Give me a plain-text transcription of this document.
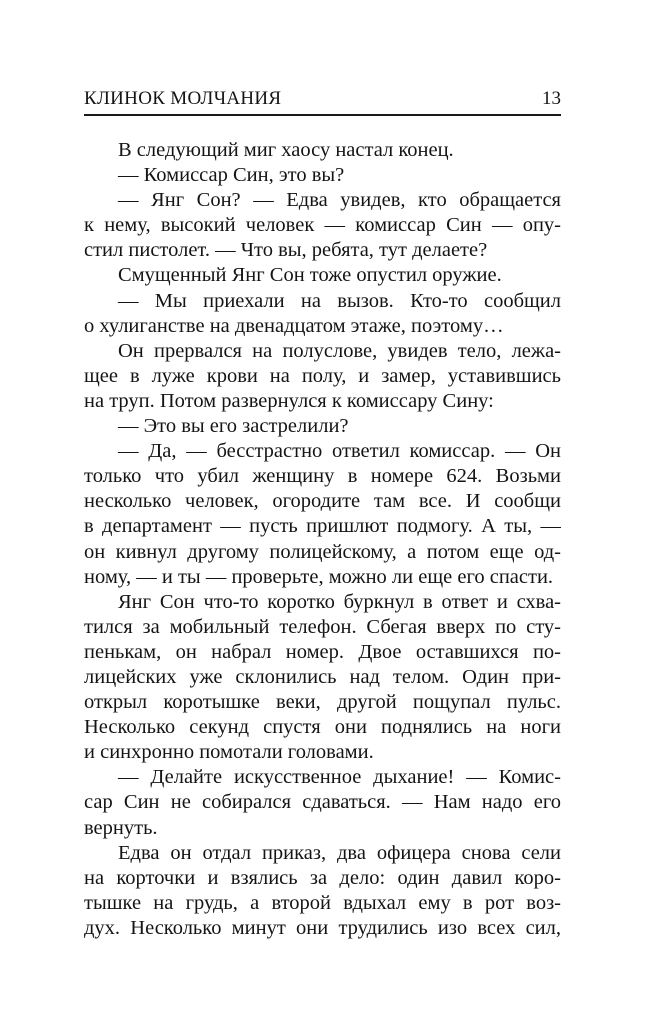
КЛИНОК МОЛЧАНИЯ	13
В следующий миг хаосу настал конец.
— Комиссар Син, это вы?
— Янг Сон? — Едва увидев, кто обращается
к нему, высокий человек — комиссар Син — опу-
стил пистолет. — Что вы, ребята, тут делаете?
Смущенный Янг Сон тоже опустил оружие.
— Мы приехали на вызов. Кто-то сообщил
о хулиганстве на двенадцатом этаже, поэтому…
Он прервался на полуслове, увидев тело, лежа-
щее в луже крови на полу, и замер, уставившись
на труп. Потом развернулся к комиссару Сину:
— Это вы его застрелили?
— Да, — бесстрастно ответил комиссар. — Он
только что убил женщину в номере 624. Возьми
несколько человек, огородите там все. И сообщи
в департамент — пусть пришлют подмогу. А ты, —
он кивнул другому полицейскому, а потом еще од-
ному, — и ты — проверьте, можно ли еще его спасти.
Янг Сон что-то коротко буркнул в ответ и схва-
тился за мобильный телефон. Сбегая вверх по сту-
пенькам, он набрал номер. Двое оставшихся по-
лицейских уже склонились над телом. Один при-
открыл коротышке веки, другой пощупал пульс.
Несколько секунд спустя они поднялись на ноги
и синхронно помотали головами.
— Делайте искусственное дыхание! — Комис-
сар Син не собирался сдаваться. — Нам надо его
вернуть.
Едва он отдал приказ, два офицера снова сели
на корточки и взялись за дело: один давил коро-
тышке на грудь, а второй вдыхал ему в рот воз-
дух. Несколько минут они трудились изо всех сил,
